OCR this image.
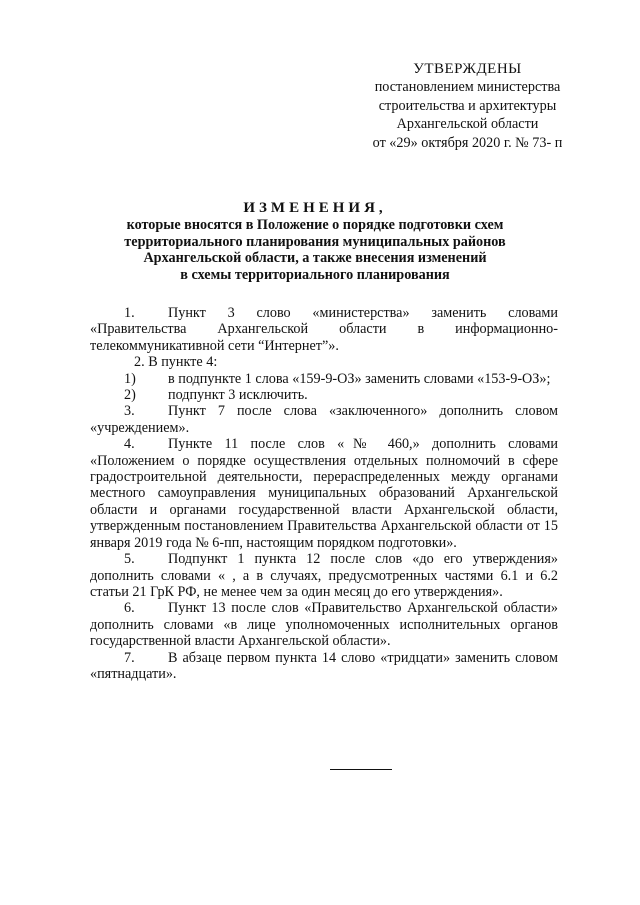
УТВЕРЖДЕНЫ
постановлением министерства
строительства и архитектуры
Архангельской области
от «29» октября 2020 г. № 73- п
ИЗМЕНЕНИЯ,
которые вносятся в Положение о порядке подготовки схем
территориального планирования муниципальных районов
Архангельской области, а также внесения изменений
в схемы территориального планирования

1. Пункт 3 слово «министерства» заменить словами «Правительства Архангельской области в информационно-телекоммуникативной сети “Интернет”».

2. В пункте 4:

1) в подпункте 1 слова «159-9-ОЗ» заменить словами «153-9-ОЗ»;

2) подпункт 3 исключить.

3. Пункт 7 после слова «заключенного» дополнить словом «учреждением».

4. Пункте 11 после слов «№ 460,» дополнить словами «Положением о порядке осуществления отдельных полномочий в сфере градостроительной деятельности, перераспределенных между органами местного самоуправления муниципальных образований Архангельской области и органами государственной власти Архангельской области, утвержденным постановлением Правительства Архангельской области от 15 января 2019 года № 6-пп, настоящим порядком подготовки».

5. Подпункт 1 пункта 12 после слов «до его утверждения» дополнить словами « , а в случаях, предусмотренных частями 6.1 и 6.2 статьи 21 ГрК РФ, не менее чем за один месяц до его утверждения».

6. Пункт 13 после слов «Правительство Архангельской области» дополнить словами «в лице уполномоченных исполнительных органов государственной власти Архангельской области».

7. В абзаце первом пункта 14 слово «тридцати» заменить словом «пятнадцати».
